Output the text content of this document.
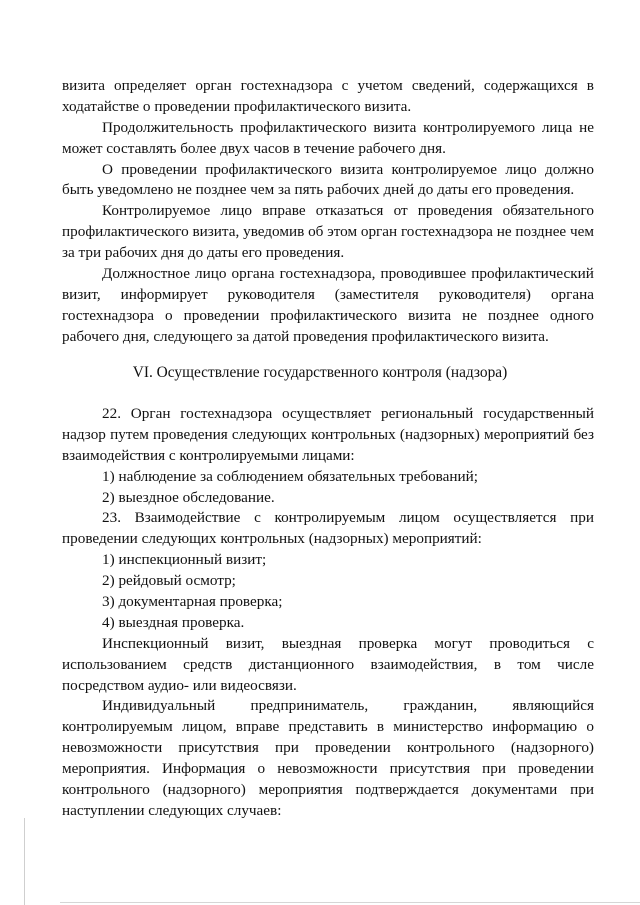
визита определяет орган гостехнадзора с учетом сведений, содержащихся в
ходатайстве о проведении профилактического визита.
Продолжительность профилактического визита контролируемого лица не
может составлять более двух часов в течение рабочего дня.
О проведении профилактического визита контролируемое лицо должно
быть уведомлено не позднее чем за пять рабочих дней до даты его проведения.
Контролируемое лицо вправе отказаться от проведения обязательного
профилактического визита, уведомив об этом орган гостехнадзора не позднее чем
за три рабочих дня до даты его проведения.
Должностное лицо органа гостехнадзора, проводившее профилактический
визит, информирует руководителя (заместителя руководителя) органа
гостехнадзора о проведении профилактического визита не позднее одного
рабочего дня, следующего за датой проведения профилактического визита.
VI. Осуществление государственного контроля (надзора)
22. Орган гостехнадзора осуществляет региональный государственный
надзор путем проведения следующих контрольных (надзорных) мероприятий без
взаимодействия с контролируемыми лицами:
1) наблюдение за соблюдением обязательных требований;
2) выездное обследование.
23. Взаимодействие с контролируемым лицом осуществляется при
проведении следующих контрольных (надзорных) мероприятий:
1) инспекционный визит;
2) рейдовый осмотр;
3) документарная проверка;
4) выездная проверка.
Инспекционный визит, выездная проверка могут проводиться с
использованием средств дистанционного взаимодействия, в том числе
посредством аудио- или видеосвязи.
Индивидуальный предприниматель, гражданин, являющийся
контролируемым лицом, вправе представить в министерство информацию о
невозможности присутствия при проведении контрольного (надзорного)
мероприятия. Информация о невозможности присутствия при проведении
контрольного (надзорного) мероприятия подтверждается документами при
наступлении следующих случаев:
